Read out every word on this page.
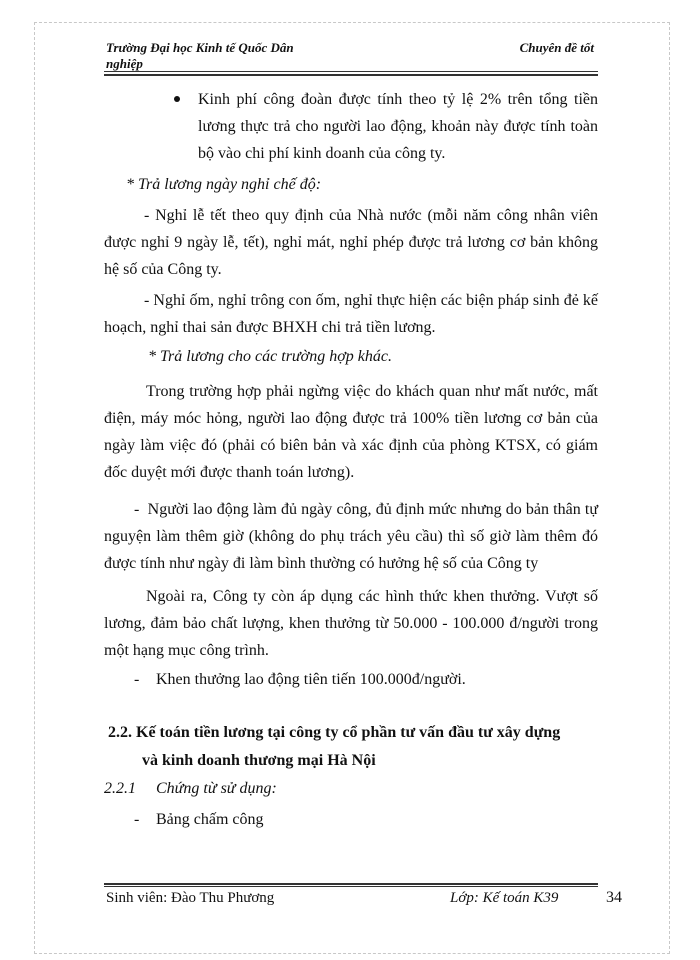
Trường Đại học Kinh tế Quốc Dân
nghiệp
Chuyên đề tốt

Kinh phí công đoàn được tính theo tỷ lệ 2% trên tổng tiền lương thực trả cho người lao động, khoản này được tính toàn bộ vào chi phí kinh doanh của công ty.

* Trả lương ngày nghỉ chế độ:

- Nghỉ lễ tết theo quy định của Nhà nước (mỗi năm công nhân viên được nghỉ 9 ngày lễ, tết), nghỉ mát, nghỉ phép được trả lương cơ bản không hệ số của Công ty.

- Nghỉ ốm, nghỉ trông con ốm, nghỉ thực hiện các biện pháp sinh đẻ kế hoạch, nghỉ thai sản được BHXH chi trả tiền lương.

* Trả lương cho các trường hợp khác.

Trong trường hợp phải ngừng việc do khách quan như mất nước, mất điện, máy móc hỏng, người lao động được trả 100% tiền lương cơ bản của ngày làm việc đó (phải có biên bản và xác định của phòng KTSX, có giám đốc duyệt mới được thanh toán lương).

- Người lao động làm đủ ngày công, đủ định mức nhưng do bản thân tự nguyện làm thêm giờ (không do phụ trách yêu cầu) thì số giờ làm thêm đó được tính như ngày đi làm bình thường có hưởng hệ số của Công ty

Ngoài ra, Công ty còn áp dụng các hình thức khen thưởng. Vượt số lương, đảm bảo chất lượng, khen thưởng từ 50.000 - 100.000 đ/người trong một hạng mục công trình.

- Khen thưởng lao động tiên tiến 100.000đ/người.

2.2. Kế toán tiền lương tại công ty cổ phần tư vấn đầu tư xây dựng

và kinh doanh thương mại Hà Nội

2.2.1 Chứng từ sử dụng:

- Bảng chấm công
Sinh viên: Đào Thu Phương	Lớp: Kế toán K39	34
